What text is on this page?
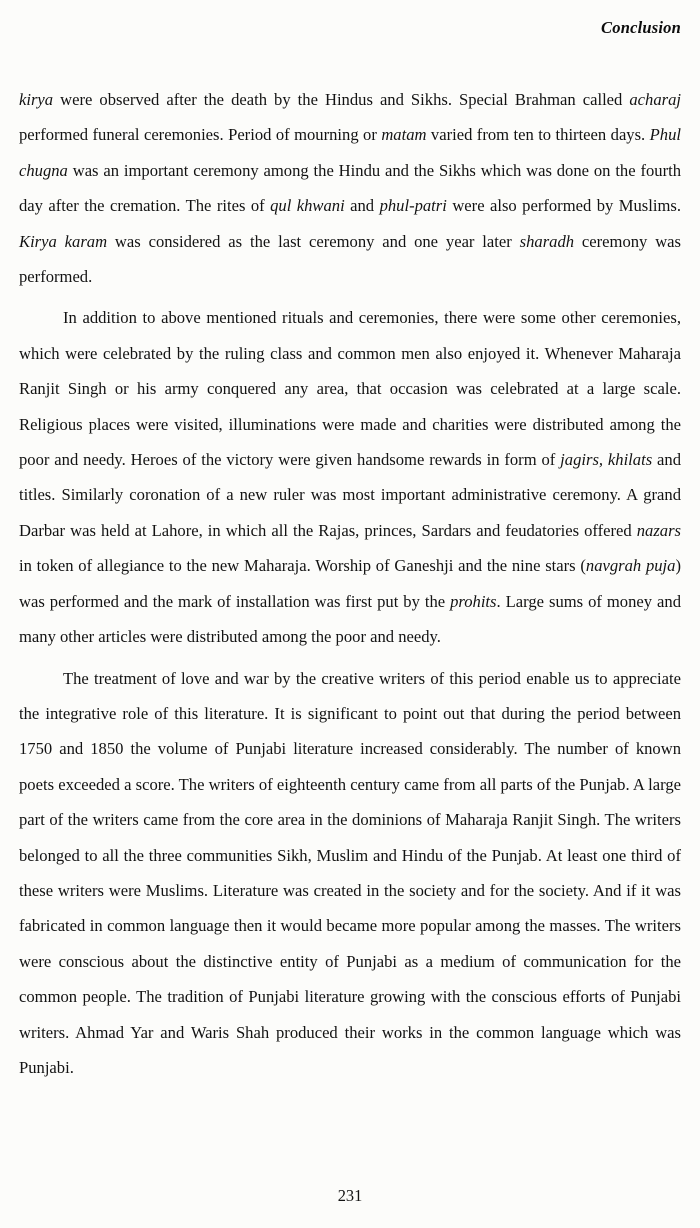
Conclusion

kirya were observed after the death by the Hindus and Sikhs. Special Brahman called acharaj performed funeral ceremonies. Period of mourning or matam varied from ten to thirteen days. Phul chugna was an important ceremony among the Hindu and the Sikhs which was done on the fourth day after the cremation. The rites of qul khwani and phul-patri were also performed by Muslims. Kirya karam was considered as the last ceremony and one year later sharadh ceremony was performed.

In addition to above mentioned rituals and ceremonies, there were some other ceremonies, which were celebrated by the ruling class and common men also enjoyed it. Whenever Maharaja Ranjit Singh or his army conquered any area, that occasion was celebrated at a large scale. Religious places were visited, illuminations were made and charities were distributed among the poor and needy. Heroes of the victory were given handsome rewards in form of jagirs, khilats and titles. Similarly coronation of a new ruler was most important administrative ceremony. A grand Darbar was held at Lahore, in which all the Rajas, princes, Sardars and feudatories offered nazars in token of allegiance to the new Maharaja. Worship of Ganeshji and the nine stars (navgrah puja) was performed and the mark of installation was first put by the prohits. Large sums of money and many other articles were distributed among the poor and needy.

The treatment of love and war by the creative writers of this period enable us to appreciate the integrative role of this literature. It is significant to point out that during the period between 1750 and 1850 the volume of Punjabi literature increased considerably. The number of known poets exceeded a score. The writers of eighteenth century came from all parts of the Punjab. A large part of the writers came from the core area in the dominions of Maharaja Ranjit Singh. The writers belonged to all the three communities Sikh, Muslim and Hindu of the Punjab. At least one third of these writers were Muslims. Literature was created in the society and for the society. And if it was fabricated in common language then it would became more popular among the masses. The writers were conscious about the distinctive entity of Punjabi as a medium of communication for the common people. The tradition of Punjabi literature growing with the conscious efforts of Punjabi writers. Ahmad Yar and Waris Shah produced their works in the common language which was Punjabi.

231
